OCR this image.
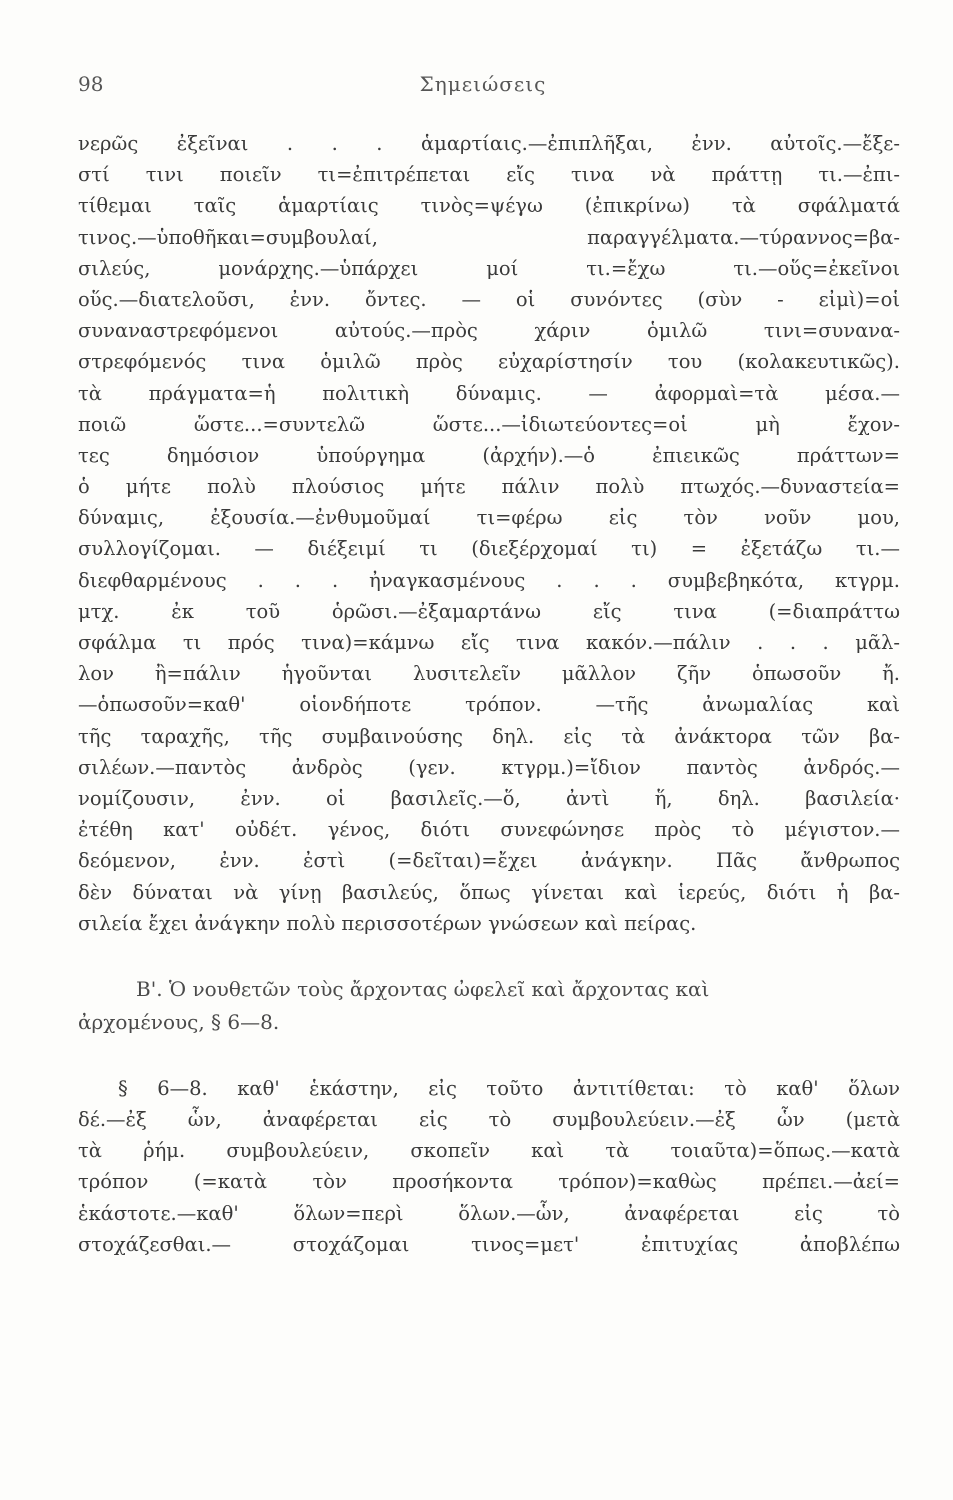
98	Σημειώσεις
νερῶς ἐξεῖναι . . . ἁμαρτίαις.—ἐπιπλῆξαι, ἐνν. αὐτοῖς.—ἔξε-
στί τινι ποιεῖν τι=ἐπιτρέπεται εἴς τινα νὰ πράττῃ τι.—ἐπι-
τίθεμαι ταῖς ἁμαρτίαις τινὸς=ψέγω (ἐπικρίνω) τὰ σφάλματά
τινος.—ὑποθῆκαι=συμβουλαί, παραγγέλματα.—τύραννος=βα-
σιλεύς, μονάρχης.—ὑπάρχει μοί τι.=ἔχω τι.—οὕς=ἐκεῖνοι
οὕς.—διατελοῦσι, ἐνν. ὄντες. — οἱ συνόντες (σὺν - εἰμὶ)=οἱ
συναναστρεφόμενοι αὐτούς.—πρὸς χάριν ὁμιλῶ τινι=συνανα-
στρεφόμενός τινα ὁμιλῶ πρὸς εὐχαρίστησίν του (κολακευτικῶς).
τὰ πράγματα=ἡ πολιτικὴ δύναμις. — ἀφορμαὶ=τὰ μέσα.—
ποιῶ ὥστε...=συντελῶ ὥστε...—ἰδιωτεύοντες=οἱ μὴ ἔχον-
τες δημόσιον ὑπούργημα (ἀρχήν).—ὁ ἐπιεικῶς πράττων=
ὁ μήτε πολὺ πλούσιος μήτε πάλιν πολὺ πτωχός.—δυναστεία=
δύναμις, ἐξουσία.—ἐνθυμοῦμαί τι=φέρω εἰς τὸν νοῦν μου,
συλλογίζομαι. — διέξειμί τι (διεξέρχομαί τι) = ἐξετάζω τι.—
διεφθαρμένους . . . ἠναγκασμένους . . . συμβεβηκότα, κτγρμ.
μτχ. ἐκ τοῦ ὁρῶσι.—ἐξαμαρτάνω εἴς τινα (=διαπράττω
σφάλμα τι πρός τινα)=κάμνω εἴς τινα κακόν.—πάλιν . . . μᾶλ-
λον ἢ=πάλιν ἡγοῦνται λυσιτελεῖν μᾶλλον ζῆν ὁπωσοῦν ἤ.
—ὁπωσοῦν=καθ' οἱονδήποτε τρόπον. —τῆς ἀνωμαλίας καὶ
τῆς ταραχῆς, τῆς συμβαινούσης δηλ. εἰς τὰ ἀνάκτορα τῶν βα-
σιλέων.—παντὸς ἀνδρὸς (γεν. κτγρμ.)=ἴδιον παντὸς ἀνδρός.—
νομίζουσιν, ἐνν. οἱ βασιλεῖς.—ὅ, ἀντὶ ἥ, δηλ. βασιλεία·
ἐτέθη κατ' οὐδέτ. γένος, διότι συνεφώνησε πρὸς τὸ μέγιστον.—
δεόμενον, ἐνν. ἐστὶ (=δεῖται)=ἔχει ἀνάγκην. Πᾶς ἄνθρωπος
δὲν δύναται νὰ γίνῃ βασιλεύς, ὅπως γίνεται καὶ ἱερεύς, διότι ἡ βα-
σιλεία ἔχει ἀνάγκην πολὺ περισσοτέρων γνώσεων καὶ πείρας.
Β'. Ὁ νουθετῶν τοὺς ἄρχοντας ὠφελεῖ καὶ ἄρχοντας καὶ
ἀρχομένους, § 6—8.
§ 6—8. καθ' ἑκάστην, εἰς τοῦτο ἀντιτίθεται: τὸ καθ' ὅλων
δέ.—ἐξ ὧν, ἀναφέρεται εἰς τὸ συμβουλεύειν.—ἐξ ὧν (μετὰ
τὰ ῥήμ. συμβουλεύειν, σκοπεῖν καὶ τὰ τοιαῦτα)=ὅπως.—κατὰ
τρόπον (=κατὰ τὸν προσήκοντα τρόπον)=καθὼς πρέπει.—ἀεί=
ἑκάστοτε.—καθ' ὅλων=περὶ ὅλων.—ὧν, ἀναφέρεται εἰς τὸ
στοχάζεσθαι.— στοχάζομαι τινος=μετ' ἐπιτυχίας ἀποβλέπω
